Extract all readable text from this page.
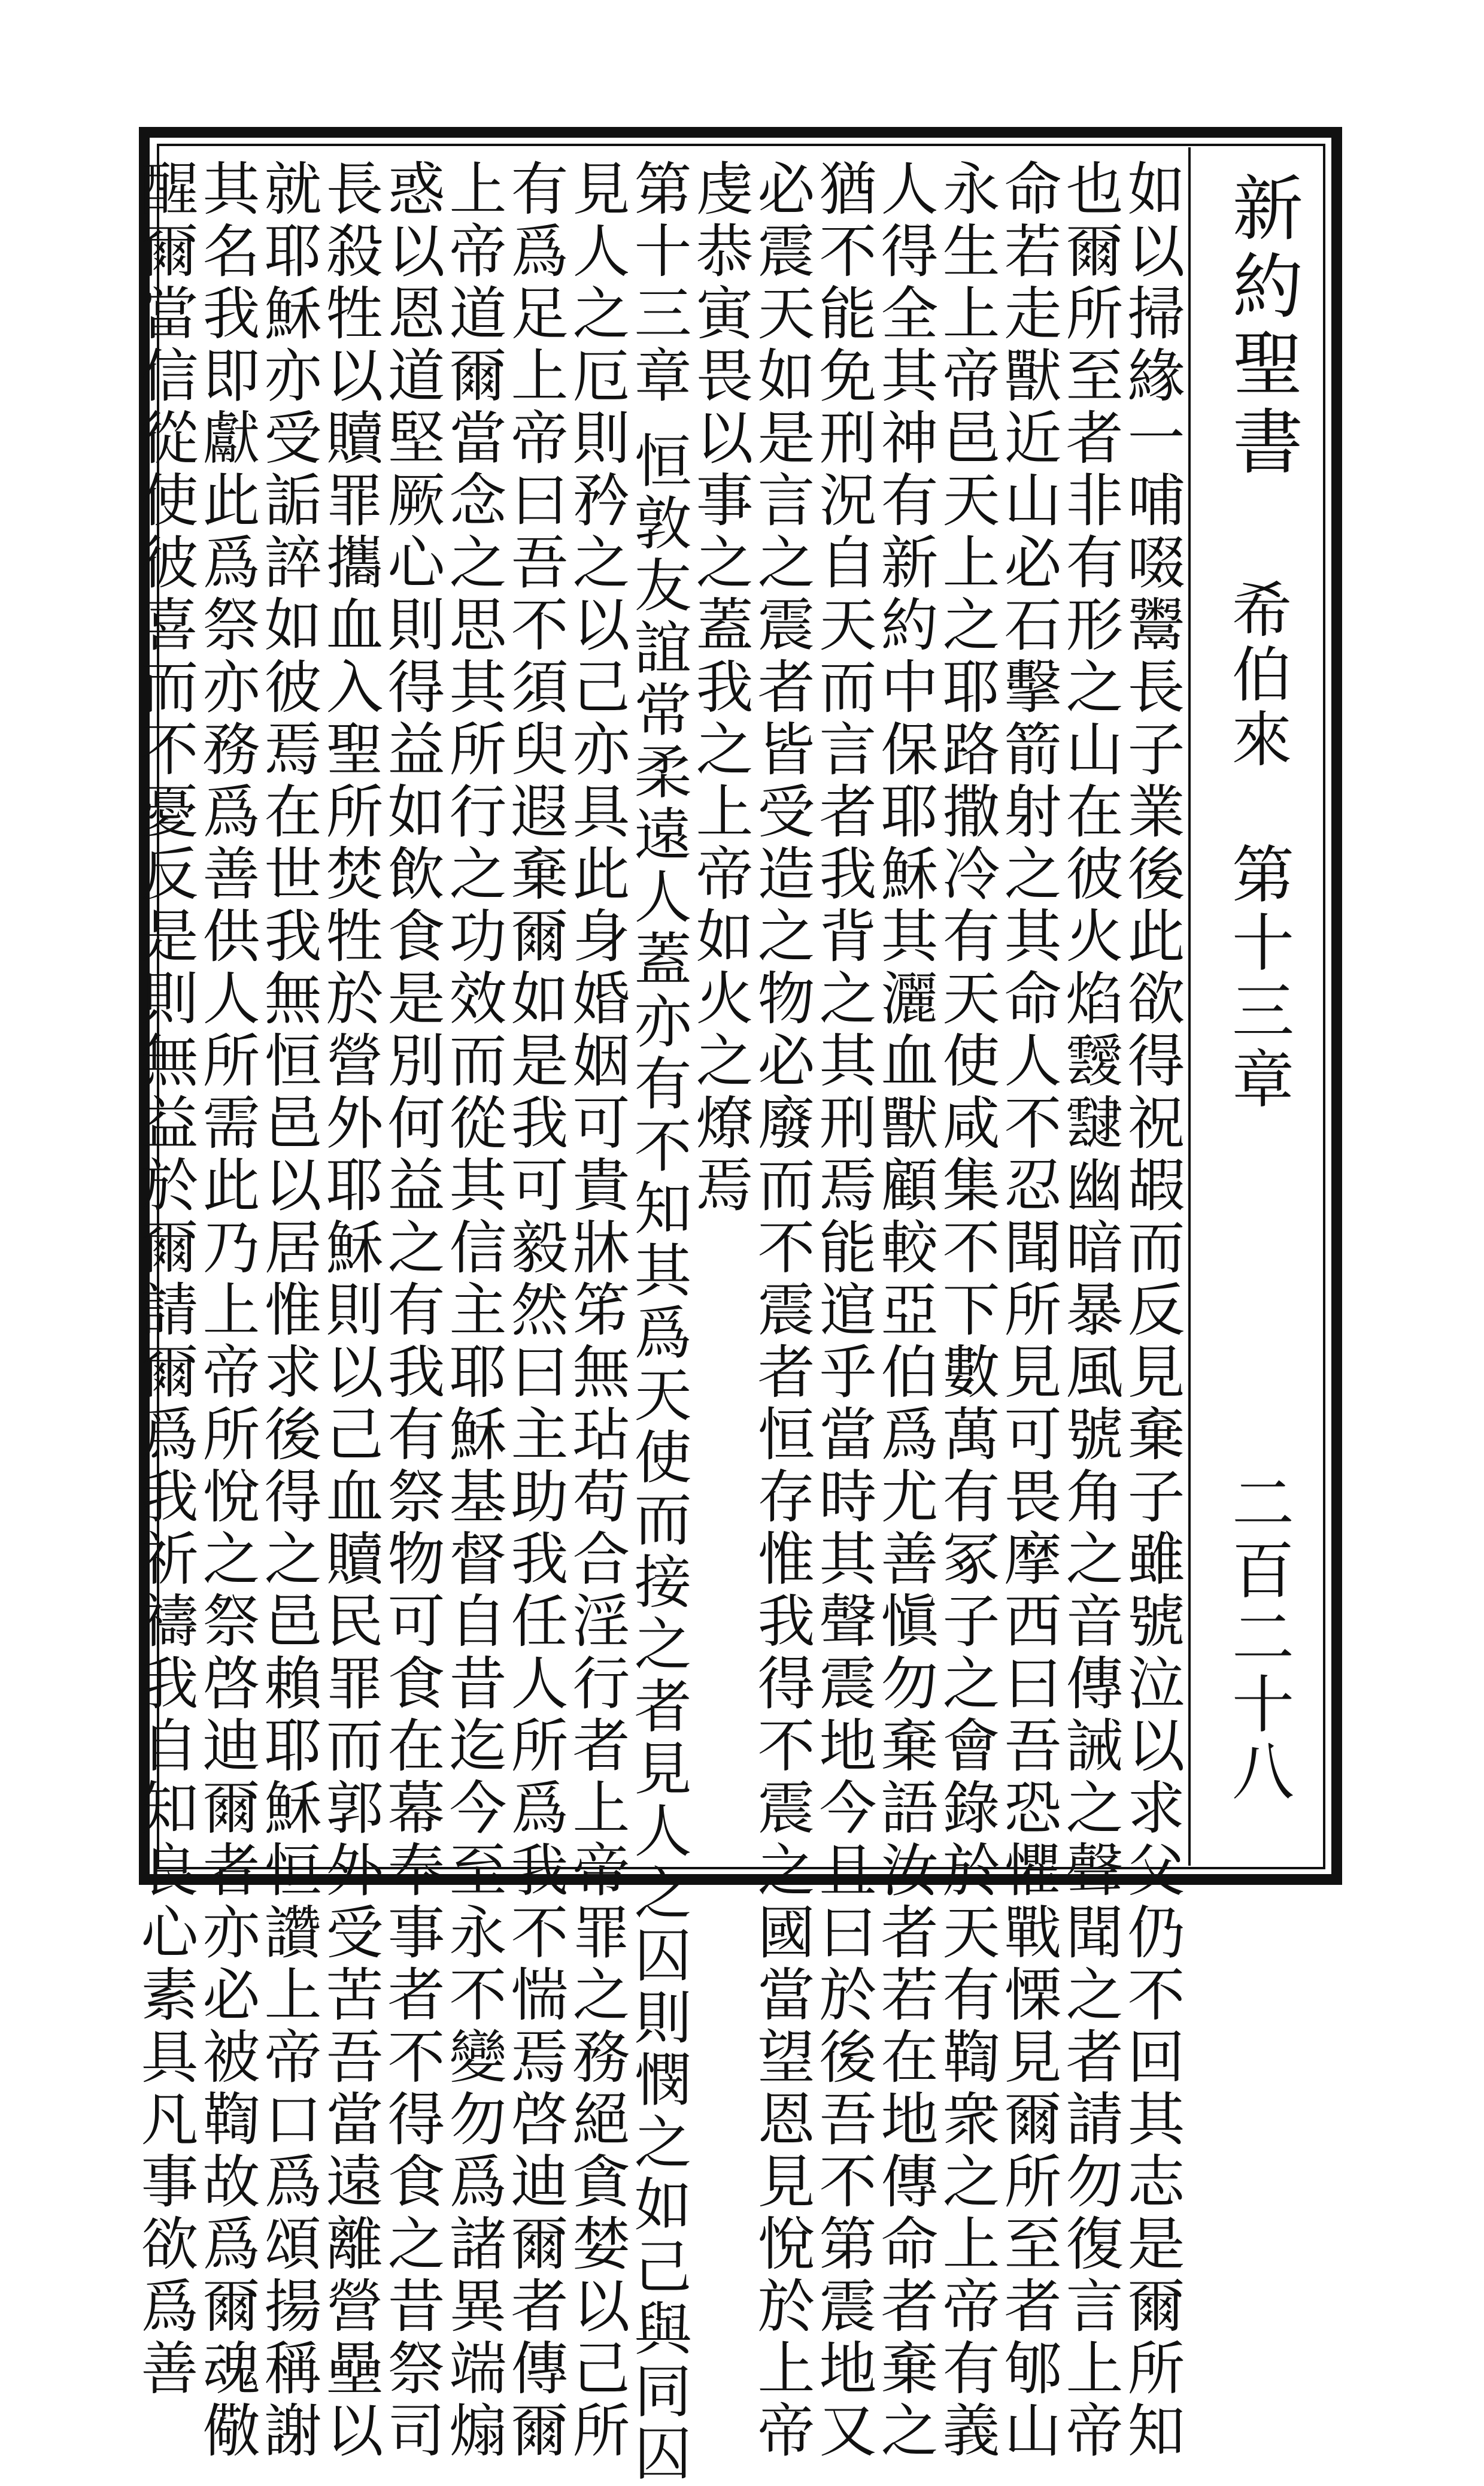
新約聖書
希伯來
第十三章
二百二十八
如以掃緣一哺啜鬻長子業後此欲得祝嘏而反見棄子雖號泣以求父仍不回其志是爾所知
也爾所至者非有形之山在彼火焰靉靆幽暗暴風號角之音傳誡之聲聞之者請勿復言上帝
命若走獸近山必石擊箭射之其命人不忍聞所見可畏摩西曰吾恐懼戰慄見爾所至者郇山
永生上帝邑天上之耶路撒冷有天使咸集不下數萬有冢子之會錄於天有鞫衆之上帝有義
人得全其神有新約中保耶穌其灑血獸顧較亞伯爲尤善愼勿棄語汝者若在地傳命者棄之
猶不能免刑況自天而言者我背之其刑焉能逭乎當時其聲震地今且曰於後吾不第震地又
必震天如是言之震者皆受造之物必廢而不震者恒存惟我得不震之國當望恩見悅於上帝
虔恭寅畏以事之蓋我之上帝如火之燎焉
第十三章 恒敦友誼常柔遠人蓋亦有不知其爲天使而接之者見人之囚則憫之如己與同囚
見人之厄則矜之以己亦具此身婚姻可貴牀笫無玷苟合淫行者上帝罪之務絕貪婪以己所
有爲足上帝曰吾不須臾遐棄爾如是我可毅然曰主助我任人所爲我不惴焉啓迪爾者傳爾
上帝道爾當念之思其所行之功效而從其信主耶穌基督自昔迄今至永不變勿爲諸異端煽
惑以恩道堅厥心則得益如飲食是別何益之有我有祭物可食在幕奉事者不得食之昔祭司
長殺牲以贖罪攜血入聖所焚牲於營外耶穌則以己血贖民罪而郭外受苦吾當遠離營壘以
就耶穌亦受詬誶如彼焉在世我無恒邑以居惟求後得之邑賴耶穌恒讚上帝口爲頌揚稱謝
其名我即獻此爲祭亦務爲善供人所需此乃上帝所悅之祭啓迪爾者亦必被鞫故爲爾魂儆
醒爾當信從使彼喜而不憂反是則無益於爾請爾爲我祈禱我自知良心素具凡事欲爲善
